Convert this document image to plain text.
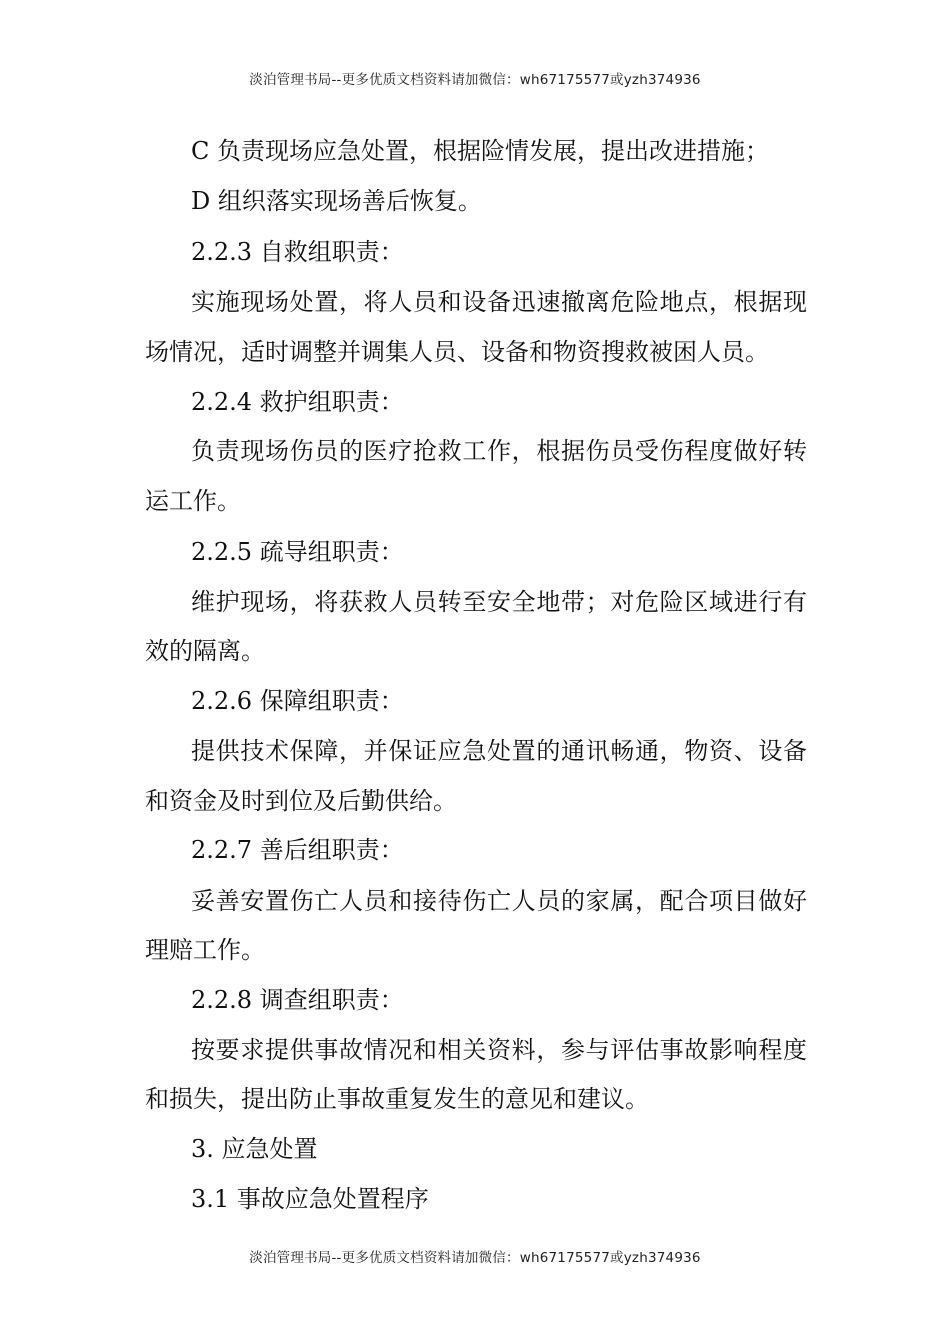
淡泊管理书局--更多优质文档资料请加微信：wh67175577或yzh374936
C 负责现场应急处置，根据险情发展，提出改进措施；
D 组织落实现场善后恢复。
2.2.3 自救组职责：
实施现场处置，将人员和设备迅速撤离危险地点，根据现
场情况，适时调整并调集人员、设备和物资搜救被困人员。
2.2.4 救护组职责：
负责现场伤员的医疗抢救工作，根据伤员受伤程度做好转
运工作。
2.2.5 疏导组职责：
维护现场，将获救人员转至安全地带；对危险区域进行有
效的隔离。
2.2.6 保障组职责：
提供技术保障，并保证应急处置的通讯畅通，物资、设备
和资金及时到位及后勤供给。
2.2.7 善后组职责：
妥善安置伤亡人员和接待伤亡人员的家属，配合项目做好
理赔工作。
2.2.8 调查组职责：
按要求提供事故情况和相关资料，参与评估事故影响程度
和损失，提出防止事故重复发生的意见和建议。
3. 应急处置
3.1 事故应急处置程序
淡泊管理书局--更多优质文档资料请加微信：wh67175577或yzh374936
